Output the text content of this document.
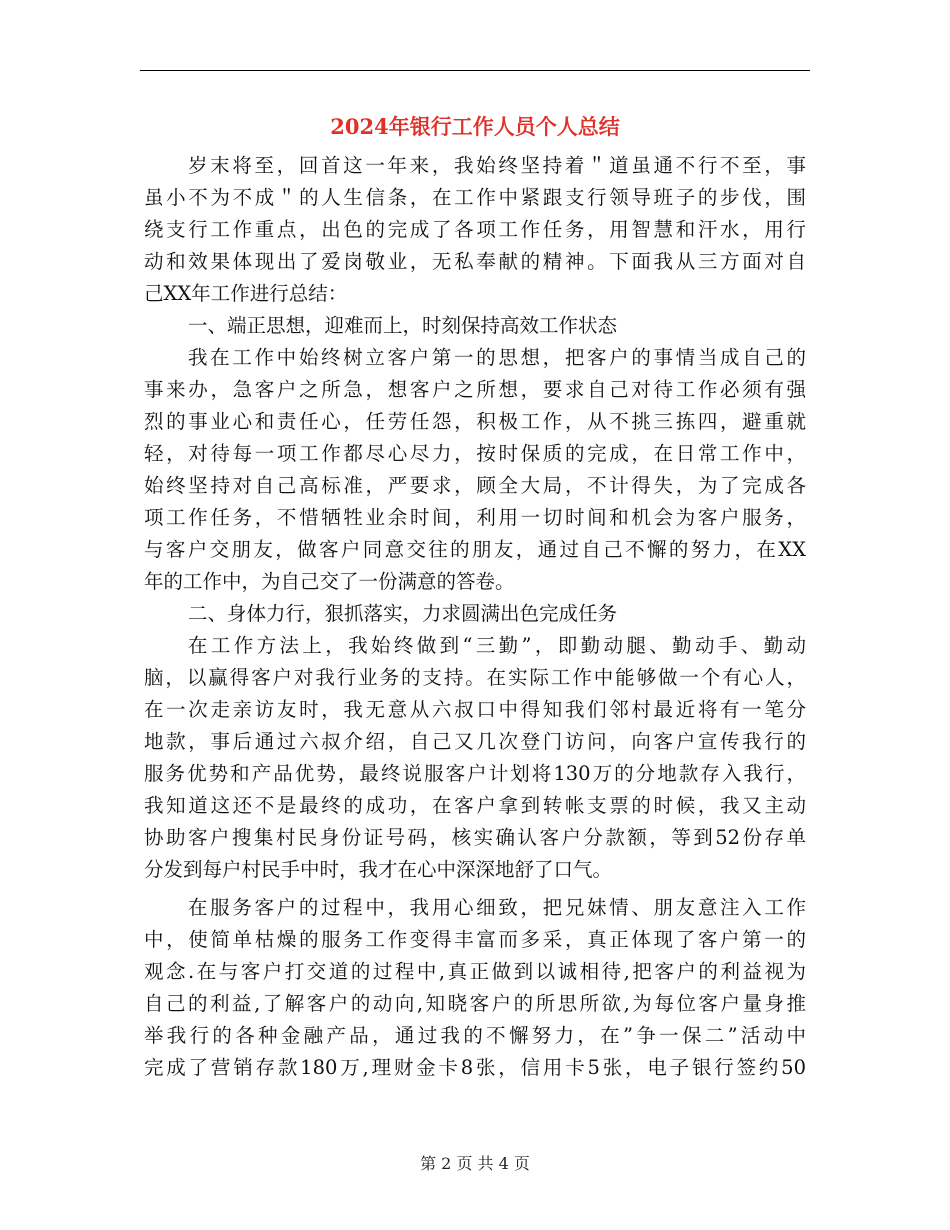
2024年银行工作人员个人总结
岁末将至，回首这一年来，我始终坚持着＂道虽通不行不至，事
虽小不为不成＂的人生信条，在工作中紧跟支行领导班子的步伐，围
绕支行工作重点，出色的完成了各项工作任务，用智慧和汗水，用行
动和效果体现出了爱岗敬业，无私奉献的精神。下面我从三方面对自
己XX年工作进行总结：
一、端正思想，迎难而上，时刻保持高效工作状态
我在工作中始终树立客户第一的思想，把客户的事情当成自己的
事来办，急客户之所急，想客户之所想，要求自己对待工作必须有强
烈的事业心和责任心，任劳任怨，积极工作，从不挑三拣四，避重就
轻，对待每一项工作都尽心尽力，按时保质的完成，在日常工作中，
始终坚持对自己高标准，严要求，顾全大局，不计得失，为了完成各
项工作任务，不惜牺牲业余时间，利用一切时间和机会为客户服务，
与客户交朋友，做客户同意交往的朋友，通过自己不懈的努力，在XX
年的工作中，为自己交了一份满意的答卷。
二、身体力行，狠抓落实，力求圆满出色完成任务
在工作方法上，我始终做到“三勤”，即勤动腿、勤动手、勤动
脑，以赢得客户对我行业务的支持。在实际工作中能够做一个有心人，
在一次走亲访友时，我无意从六叔口中得知我们邻村最近将有一笔分
地款，事后通过六叔介绍，自己又几次登门访问，向客户宣传我行的
服务优势和产品优势，最终说服客户计划将130万的分地款存入我行，
我知道这还不是最终的成功，在客户拿到转帐支票的时候，我又主动
协助客户搜集村民身份证号码，核实确认客户分款额，等到52份存单
分发到每户村民手中时，我才在心中深深地舒了口气。
在服务客户的过程中，我用心细致，把兄妹情、朋友意注入工作
中，使简单枯燥的服务工作变得丰富而多采，真正体现了客户第一的
观念.在与客户打交道的过程中,真正做到以诚相待,把客户的利益视为
自己的利益,了解客户的动向,知晓客户的所思所欲,为每位客户量身推
举我行的各种金融产品，通过我的不懈努力，在”争一保二”活动中
完成了营销存款180万,理财金卡8张，信用卡5张，电子银行签约50
第 2 页 共 4 页
